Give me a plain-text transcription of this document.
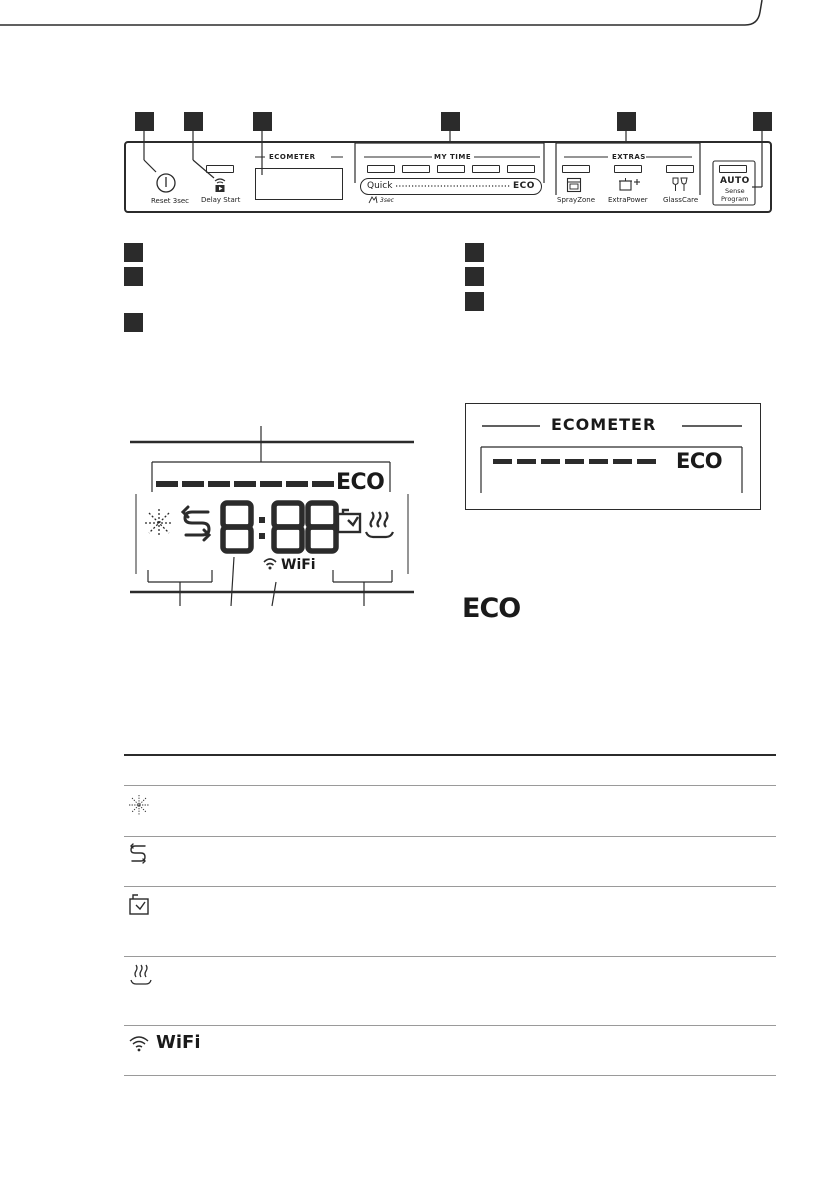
Reset 3sec Delay Start
ECOMETER	MY TIME
Quick	ECO
3sec
EXTRAS
SprayZone ExtraPower GlassCare
AUTO
Sense
Program
ECO
WiFi
ECOMETER
ECO
ECO
WiFi
